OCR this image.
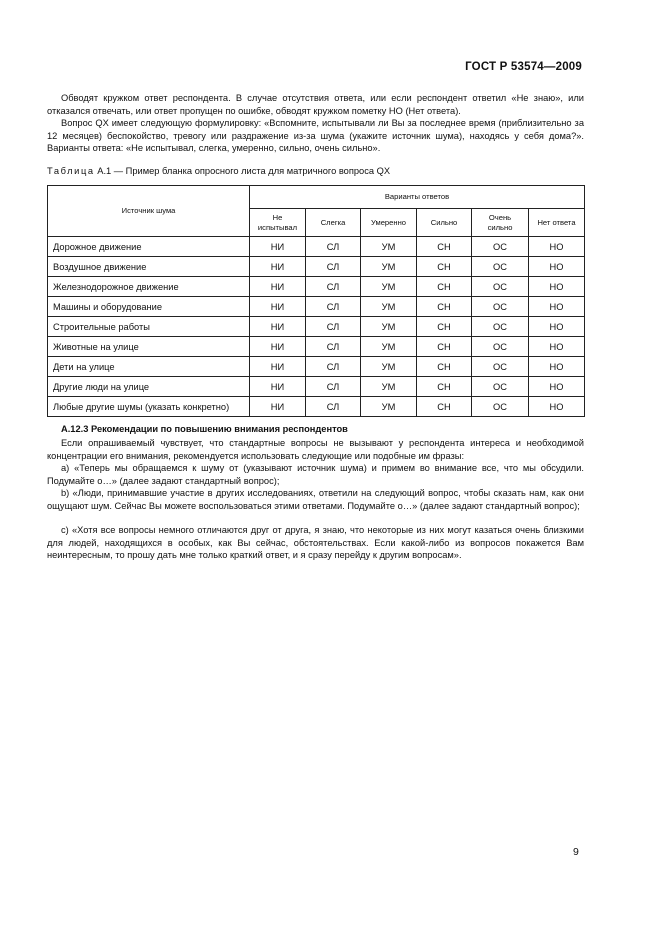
ГОСТ Р 53574—2009

Обводят кружком ответ респондента. В случае отсутствия ответа, или если респондент ответил «Не знаю», или отказался отвечать, или ответ пропущен по ошибке, обводят кружком пометку НО (Нет ответа).

Вопрос QX имеет следующую формулировку: «Вспомните, испытывали ли Вы за последнее время (приблизительно за 12 месяцев) беспокойство, тревогу или раздражение из-за шума (укажите источник шума), находясь у себя дома?». Варианты ответа: «Не испытывал, слегка, умеренно, сильно, очень сильно».

Таблица А.1 — Пример бланка опросного листа для матричного вопроса QX
Источник шума	Варианты ответов					
	Не испытывал	Слегка	Умеренно	Сильно	Очень сильно	Нет ответа
Дорожное движение	НИ	СЛ	УМ	СН	ОС	НО
Воздушное движение	НИ	СЛ	УМ	СН	ОС	НО
Железнодорожное движение	НИ	СЛ	УМ	СН	ОС	НО
Машины и оборудование	НИ	СЛ	УМ	СН	ОС	НО
Строительные работы	НИ	СЛ	УМ	СН	ОС	НО
Животные на улице	НИ	СЛ	УМ	СН	ОС	НО
Дети на улице	НИ	СЛ	УМ	СН	ОС	НО
Другие люди на улице	НИ	СЛ	УМ	СН	ОС	НО
Любые другие шумы (указать конкретно)	НИ	СЛ	УМ	СН	ОС	НО
А.12.3 Рекомендации по повышению внимания респондентов

Если опрашиваемый чувствует, что стандартные вопросы не вызывают у респондента интереса и необходимой концентрации его внимания, рекомендуется использовать следующие или подобные им фразы:

а) «Теперь мы обращаемся к шуму от (указывают источник шума) и примем во внимание все, что мы обсудили. Подумайте о…» (далее задают стандартный вопрос);

b) «Люди, принимавшие участие в других исследованиях, ответили на следующий вопрос, чтобы сказать нам, как они ощущают шум. Сейчас Вы можете воспользоваться этими ответами. Подумайте о…» (далее задают стандартный вопрос);

с) «Хотя все вопросы немного отличаются друг от друга, я знаю, что некоторые из них могут казаться очень близкими для людей, находящихся в особых, как Вы сейчас, обстоятельствах. Если какой-либо из вопросов покажется Вам неинтересным, то прошу дать мне только краткий ответ, и я сразу перейду к другим вопросам».

9
